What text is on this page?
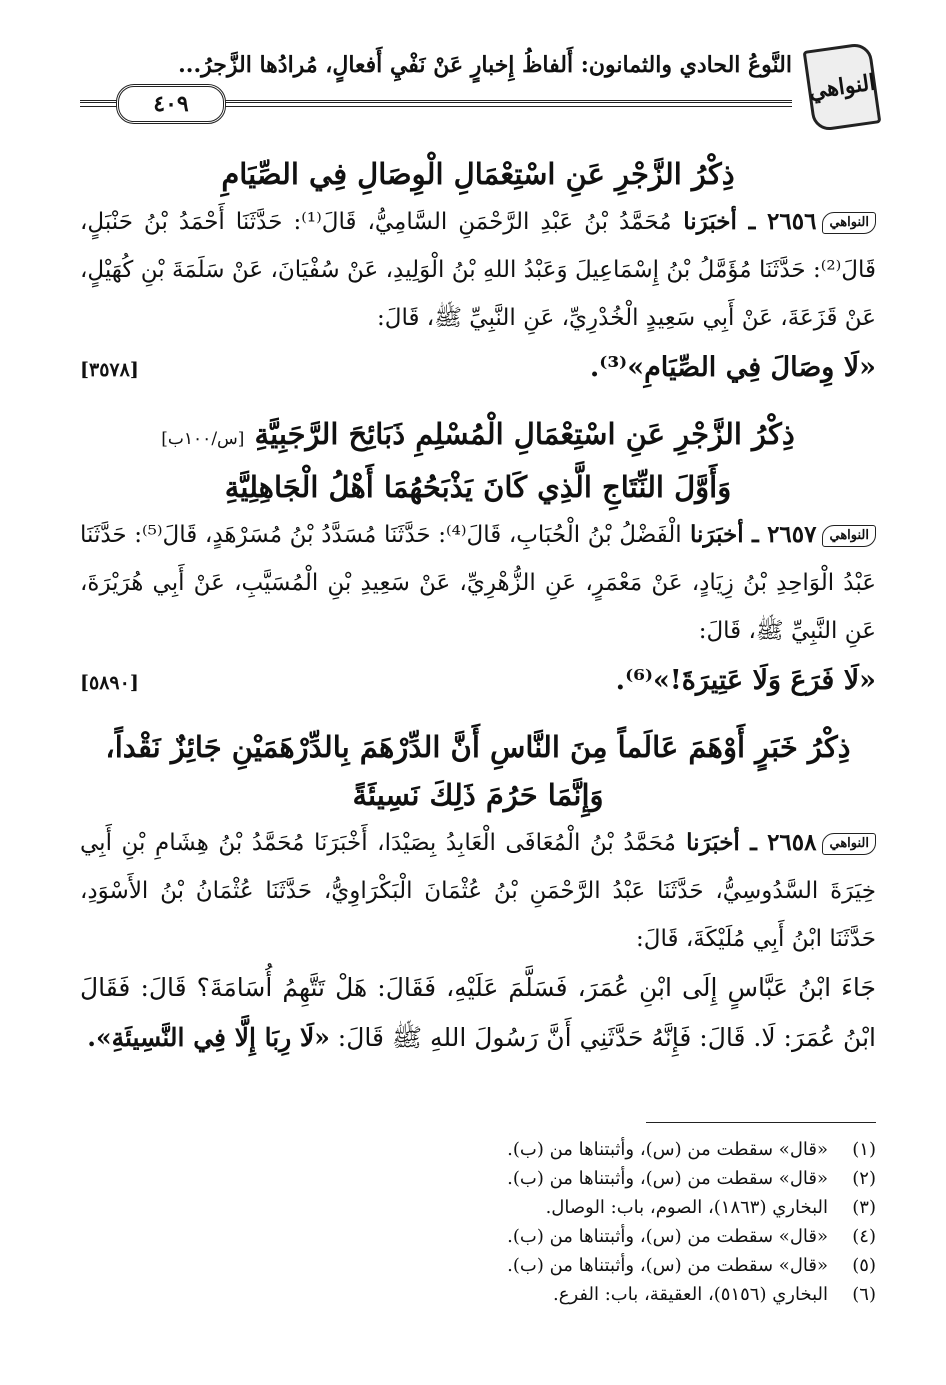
النواهي
النَّوعُ الحادي والثمانون: أَلفاظُ إِخبارٍ عَنْ نَفْيِ أَفعالٍ، مُرادُها الزَّجرُ...
٤٠٩
ذِكْرُ الزَّجْرِ عَنِ اسْتِعْمَالِ الْوِصَالِ فِي الصِّيَامِ

النواهي٢٦٥٦ ـ أخبَرَنا مُحَمَّدُ بْنُ عَبْدِ الرَّحْمَنِ السَّامِيُّ، قَالَ⁽¹⁾: حَدَّثَنَا أَحْمَدُ بْنُ حَنْبَلٍ، قَالَ⁽²⁾: حَدَّثَنَا مُؤَمَّلُ بْنُ إِسْمَاعِيلَ وَعَبْدُ اللهِ بْنُ الْوَلِيدِ، عَنْ سُفْيَانَ، عَنْ سَلَمَةَ بْنِ كُهَيْلٍ، عَنْ قَزَعَةَ، عَنْ أَبِي سَعِيدٍ الْخُدْرِيِّ، عَنِ النَّبِيِّ ﷺ، قَالَ:

«لَا وِصَالَ فِي الصِّيَامِ»⁽³⁾.
[٣٥٧٨]
ذِكْرُ الزَّجْرِ عَنِ اسْتِعْمَالِ الْمُسْلِمِ ذَبَائِحَ الرَّجَبِيَّةِ [س/١٠٠ب]
وَأَوَّلَ النِّتَاجِ الَّذِي كَانَ يَذْبَحُهُمَا أَهْلُ الْجَاهِلِيَّةِ

النواهي٢٦٥٧ ـ أخبَرَنا الْفَضْلُ بْنُ الْحُبَابِ، قَالَ⁽⁴⁾: حَدَّثَنَا مُسَدَّدُ بْنُ مُسَرْهَدٍ، قَالَ⁽⁵⁾: حَدَّثَنَا عَبْدُ الْوَاحِدِ بْنُ زِيَادٍ، عَنْ مَعْمَرٍ، عَنِ الزُّهْرِيِّ، عَنْ سَعِيدِ بْنِ الْمُسَيَّبِ، عَنْ أَبِي هُرَيْرَةَ، عَنِ النَّبِيِّ ﷺ، قَالَ:

«لَا فَرَعَ وَلَا عَتِيرَةَ!»⁽⁶⁾.
[٥٨٩٠]
ذِكْرُ خَبَرٍ أَوْهَمَ عَالَماً مِنَ النَّاسِ أَنَّ الدِّرْهَمَ بِالدِّرْهَمَيْنِ جَائِزٌ نَقْداً،
وَإِنَّمَا حَرُمَ ذَلِكَ نَسِيئَةً

النواهي٢٦٥٨ ـ أخبَرَنا مُحَمَّدُ بْنُ الْمُعَافَى الْعَابِدُ بِصَيْدَا، أَخْبَرَنَا مُحَمَّدُ بْنُ هِشَامِ بْنِ أَبِي خِيَرَةَ السَّدُوسِيُّ، حَدَّثَنَا عَبْدُ الرَّحْمَنِ بْنُ عُثْمَانَ الْبَكْرَاوِيُّ، حَدَّثَنَا عُثْمَانُ بْنُ الأَسْوَدِ، حَدَّثَنَا ابْنُ أَبِي مُلَيْكَةَ، قَالَ:

جَاءَ ابْنُ عَبَّاسٍ إِلَى ابْنِ عُمَرَ، فَسَلَّمَ عَلَيْهِ، فَقَالَ: هَلْ تَتَّهِمُ أُسَامَةَ؟ قَالَ: فَقَالَ ابْنُ عُمَرَ: لَا. قَالَ: فَإِنَّهُ حَدَّثَنِي أَنَّ رَسُولَ اللهِ ﷺ قَالَ: «لَا رِبَا إِلَّا فِي النَّسِيئَةِ».

(١)
«قال» سقطت من (س)، وأثبتناها من (ب).
(٢)
«قال» سقطت من (س)، وأثبتناها من (ب).
(٣)
البخاري (١٨٦٣)، الصوم، باب: الوصال.
(٤)
«قال» سقطت من (س)، وأثبتناها من (ب).
(٥)
«قال» سقطت من (س)، وأثبتناها من (ب).
(٦)
البخاري (٥١٥٦)، العقيقة، باب: الفرع.
